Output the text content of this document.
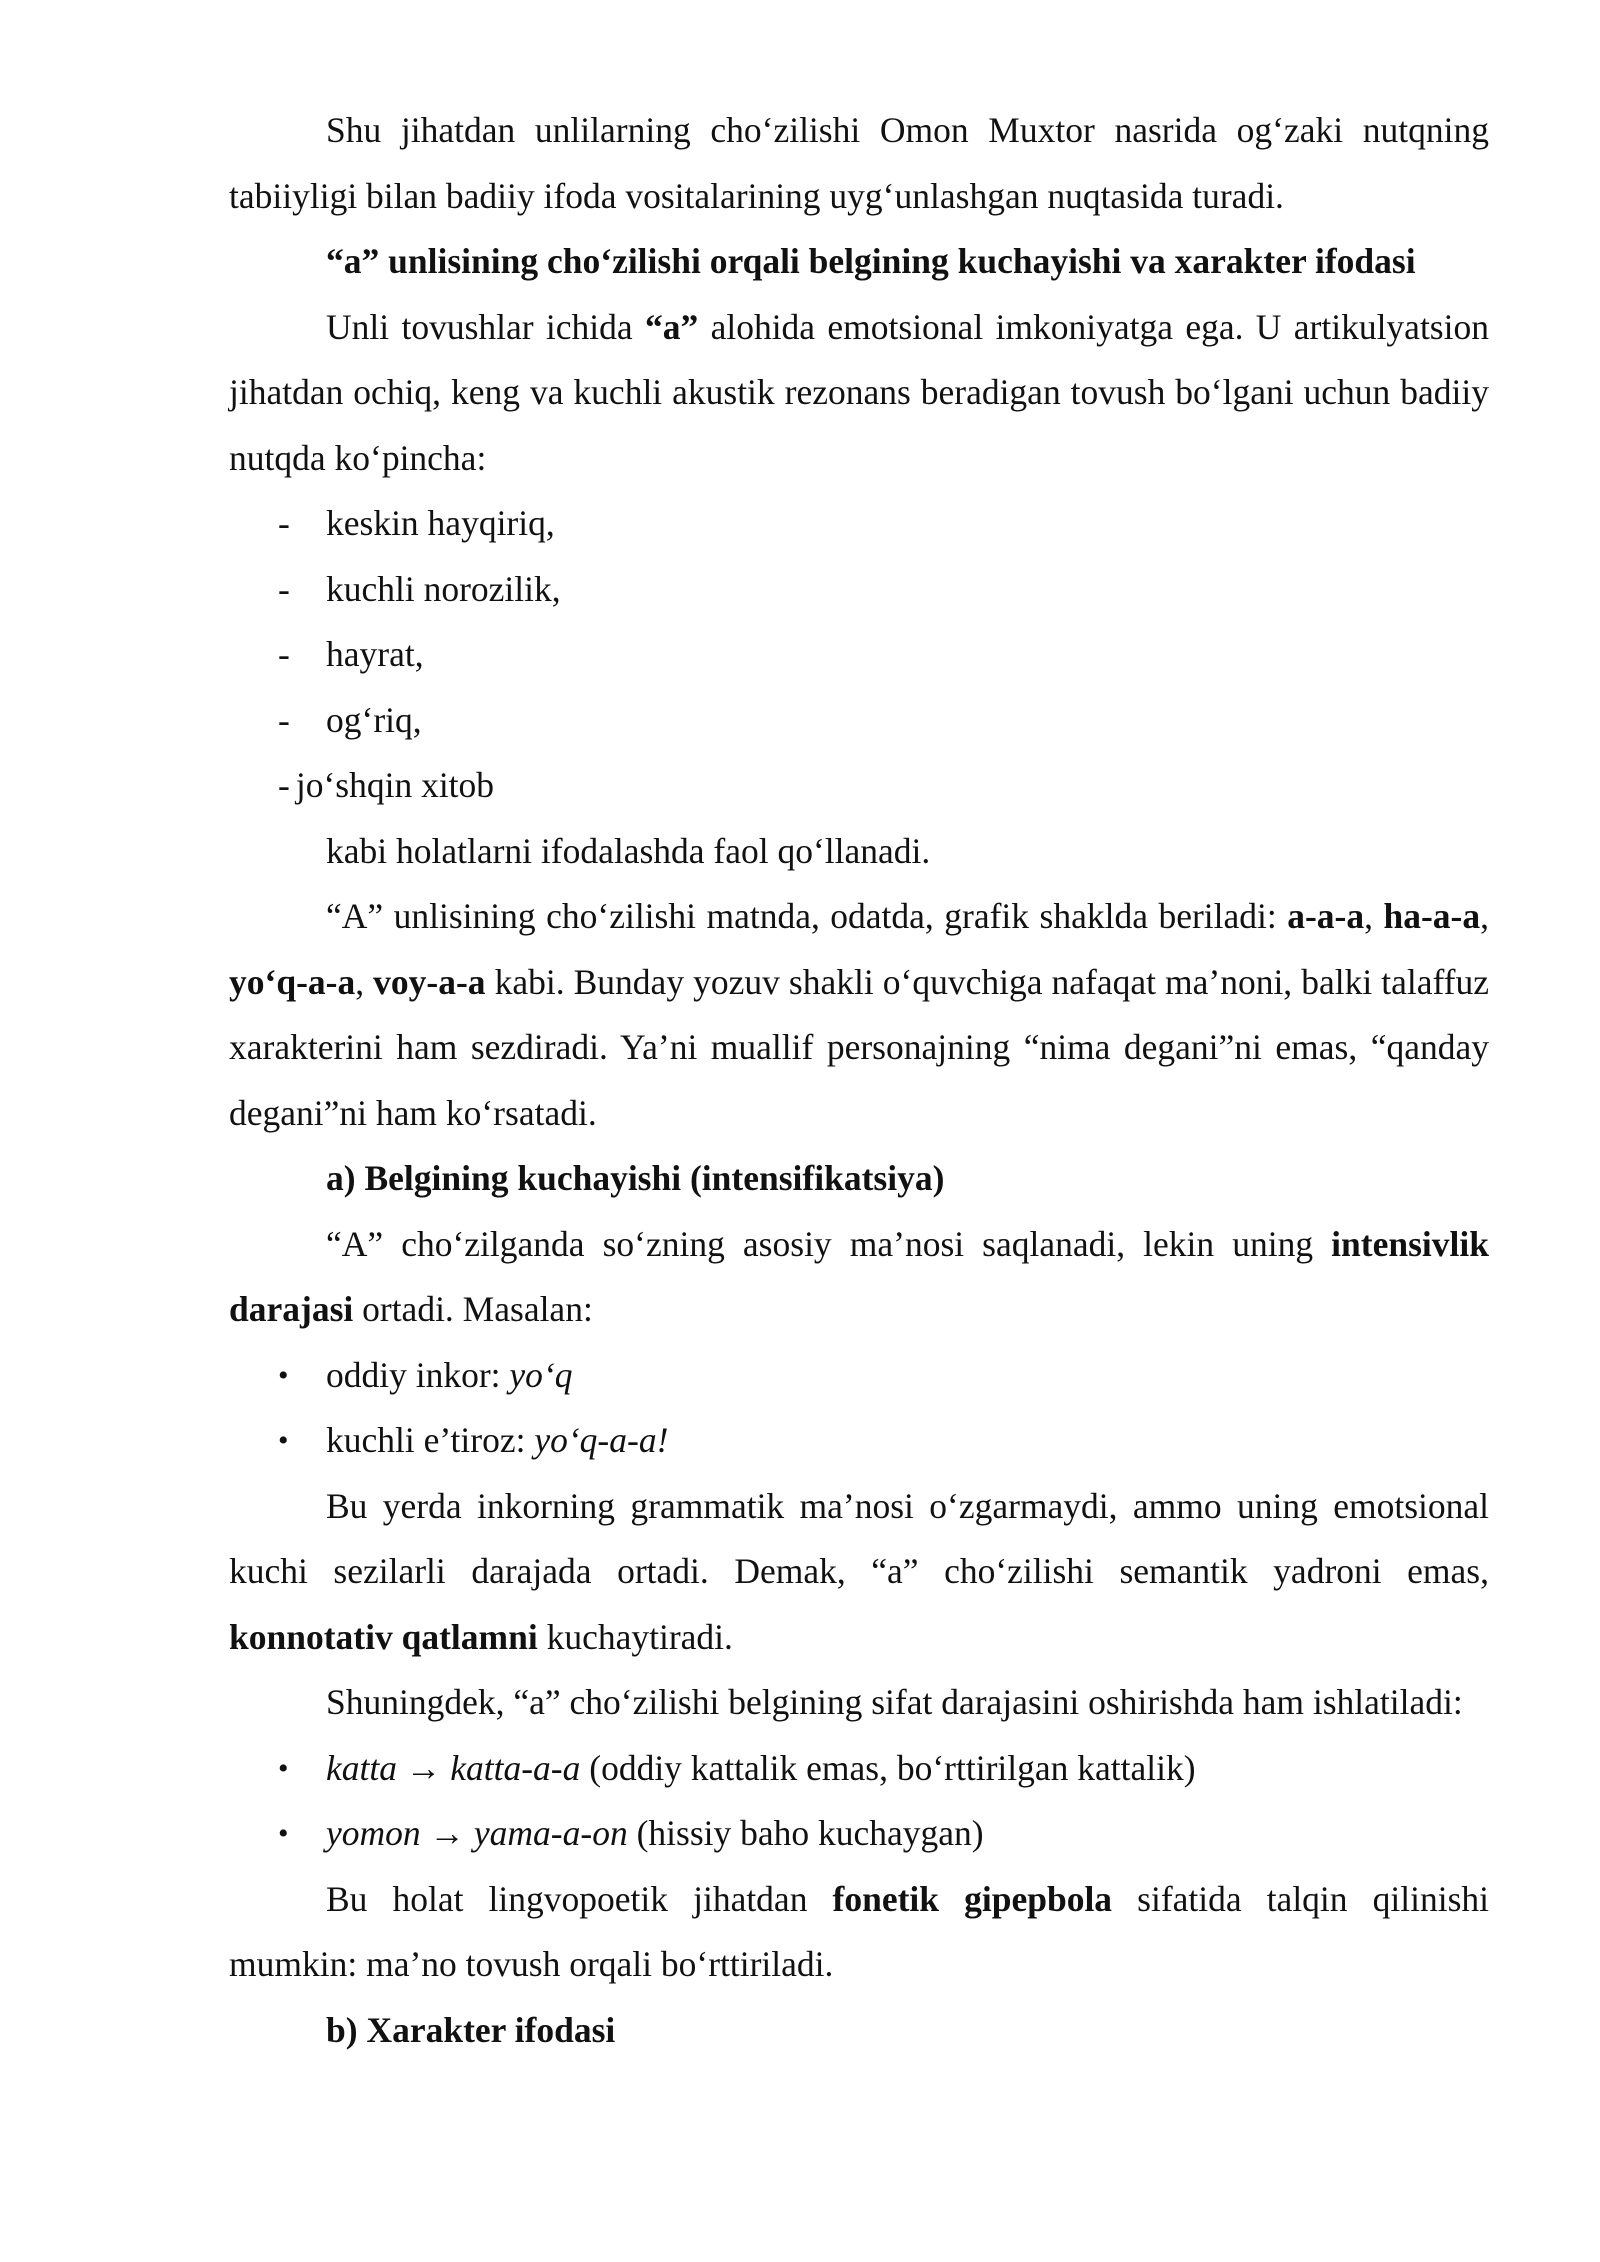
Shu jihatdan unlilarning cho‘zilishi Omon Muxtor nasrida og‘zaki nutqning tabiiyligi bilan badiiy ifoda vositalarining uyg‘unlashgan nuqtasida turadi.

“a” unlisining cho‘zilishi orqali belgining kuchayishi va xarakter ifodasi

Unli tovushlar ichida “a” alohida emotsional imkoniyatga ega. U artikulyatsion jihatdan ochiq, keng va kuchli akustik rezonans beradigan tovush bo‘lgani uchun badiiy nutqda ko‘pincha:

-	keskin hayqiriq,
-	kuchli norozilik,
-	hayrat,
-	og‘riq,
- jo‘shqin xitob

kabi holatlarni ifodalashda faol qo‘llanadi.

“A” unlisining cho‘zilishi matnda, odatda, grafik shaklda beriladi: a-a-a, ha-a-a, yo‘q-a-a, voy-a-a kabi. Bunday yozuv shakli o‘quvchiga nafaqat ma’noni, balki talaffuz xarakterini ham sezdiradi. Ya’ni muallif personajning “nima degani”ni emas, “qanday degani”ni ham ko‘rsatadi.

a) Belgining kuchayishi (intensifikatsiya)

“A” cho‘zilganda so‘zning asosiy ma’nosi saqlanadi, lekin uning intensivlik darajasi ortadi. Masalan:

•	oddiy inkor: yo‘q
•	kuchli e’tiroz: yo‘q-a-a!

Bu yerda inkorning grammatik ma’nosi o‘zgarmaydi, ammo uning emotsional kuchi sezilarli darajada ortadi. Demak, “a” cho‘zilishi semantik yadroni emas, konnotativ qatlamni kuchaytiradi.

Shuningdek, “a” cho‘zilishi belgining sifat darajasini oshirishda ham ishlatiladi:

•	katta → katta-a-a (oddiy kattalik emas, bo‘rttirilgan kattalik)
•	yomon → yama-a-on (hissiy baho kuchaygan)

Bu holat lingvopoetik jihatdan fonetik gipepbola sifatida talqin qilinishi mumkin: ma’no tovush orqali bo‘rttiriladi.

b) Xarakter ifodasi
